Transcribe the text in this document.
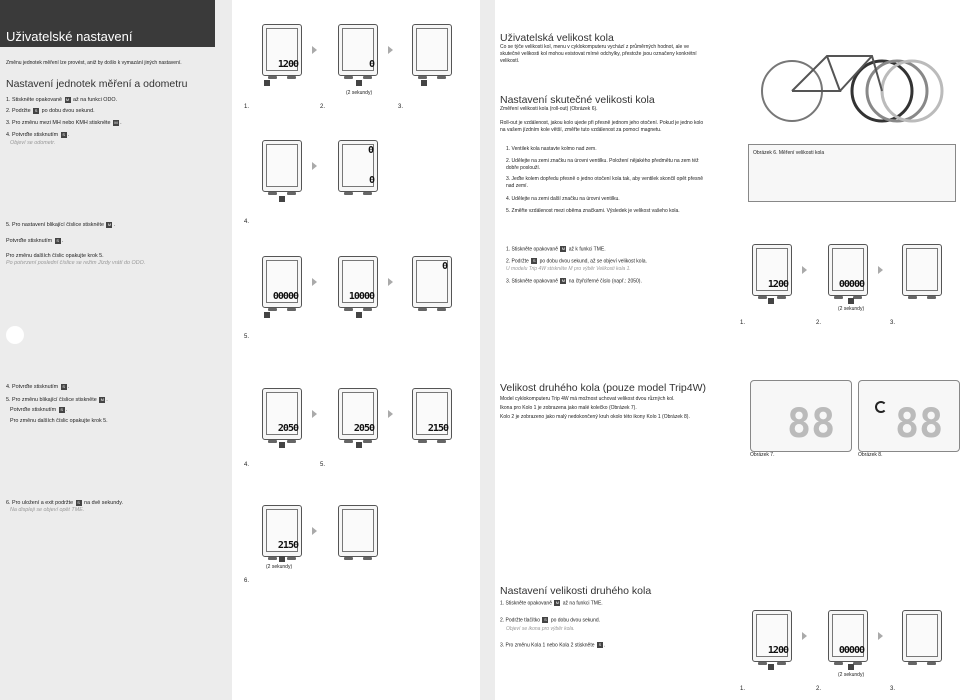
Uživatelské nastavení
Změnu jednotek měření lze provést, aniž by došlo k vymazání jiných nastavení.
Nastavení jednotek měření a odometru
1. Stiskněte opakovaně M až na funkci ODO.
2. Podržte S po dobu dvou sekund.
3. Pro změnu mezi MH nebo KMH stiskněte M .
4. Potvrďte stisknutím S .
Objeví se odometr.
5. Pro nastavení blikající číslice stiskněte M .
Potvrďte stisknutím S .
Pro změnu dalších číslic opakujte krok 5.
Po potvrzení poslední číslice se režim Jízdy vrátí do ODO.
4. Potvrďte stisknutím S .
5. Pro změnu blikající číslice stiskněte M .
Potvrďte stisknutím S .
Pro změnu dalších číslic opakujte krok 5.
6. Pro uložení a exit podržte S na dvě sekundy.
Na displeji se objeví opět TME.
1200	0
(2 sekundy)
1.	2.	3.
0
0
4.
00000	10000
0
5.
2050	2050	2150
4.	5.
2150
(2 sekundy)
6.
Uživatelská velikost kola
Co se týče velikosti kol, menu v cyklokomputeru vychází z průměrných hodnot, ale ve skutečné velikosti kol mohou existovat mírné odchylky, přestože jsou označeny konkrétní velikostí.
Nastavení skutečné velikosti kola
Změření velikosti kola (roll-out) (Obrázek 6).
Roll-out je vzdálenost, jakou kolo ujede při přesně jednom jeho otočení. Pokud je jedno kolo na vašem jízdním kole větší, změřte tuto vzdálenost za pomocí magnetu.
1. Ventilek kola nastavte kolmo nad zem.
2. Udělejte na zemi značku na úrovni ventilku. Položení nějakého předmětu na zem též dobře poslouží.
3. Jeďte kolem dopředu přesně o jedno otočení kola tak, aby ventilek skončil opět přesně nad zemí.
4. Udělejte na zemi další značku na úrovni ventilku.
5. Změřte vzdálenost mezi oběma značkami. Výsledek je velikost vašeho kola.
Obrázek 6. Měření velikosti kola
1. Stiskněte opakovaně M až k funkci TME.
2. Podržte S po dobu dvou sekund, až se objeví velikost kola.
U modelu Trip 4W stiskněte M pro výběr Velikosti kola 1.
3. Stiskněte opakovaně M na čtyřciferné číslo (např.: 2050).	1200	00000
(2 sekundy)
1.	2.	3.
Velikost druhého kola (pouze model Trip4W)
Model cyklokomputeru Trip 4W má možnost uchovat velikost dvou různých kol.
Ikona pro Kolo 1 je zobrazena jako malé kolečko (Obrázek 7).
Kolo 2 je zobrazeno jako malý nedokončený kruh okolo této ikony Kolo 1 (Obrázek 8). 88 88
Obrázek 7.	Obrázek 8.
Nastavení velikosti druhého kola
1. Stiskněte opakovaně M až na funkci TME.
2. Podržte tlačítko S po dobu dvou sekund.
Objeví se ikona pro výběr kola.
3. Pro změnu Kola 1 nebo Kola 2 stiskněte S .	1200	00000
(2 sekundy)
1.	2.	3.
